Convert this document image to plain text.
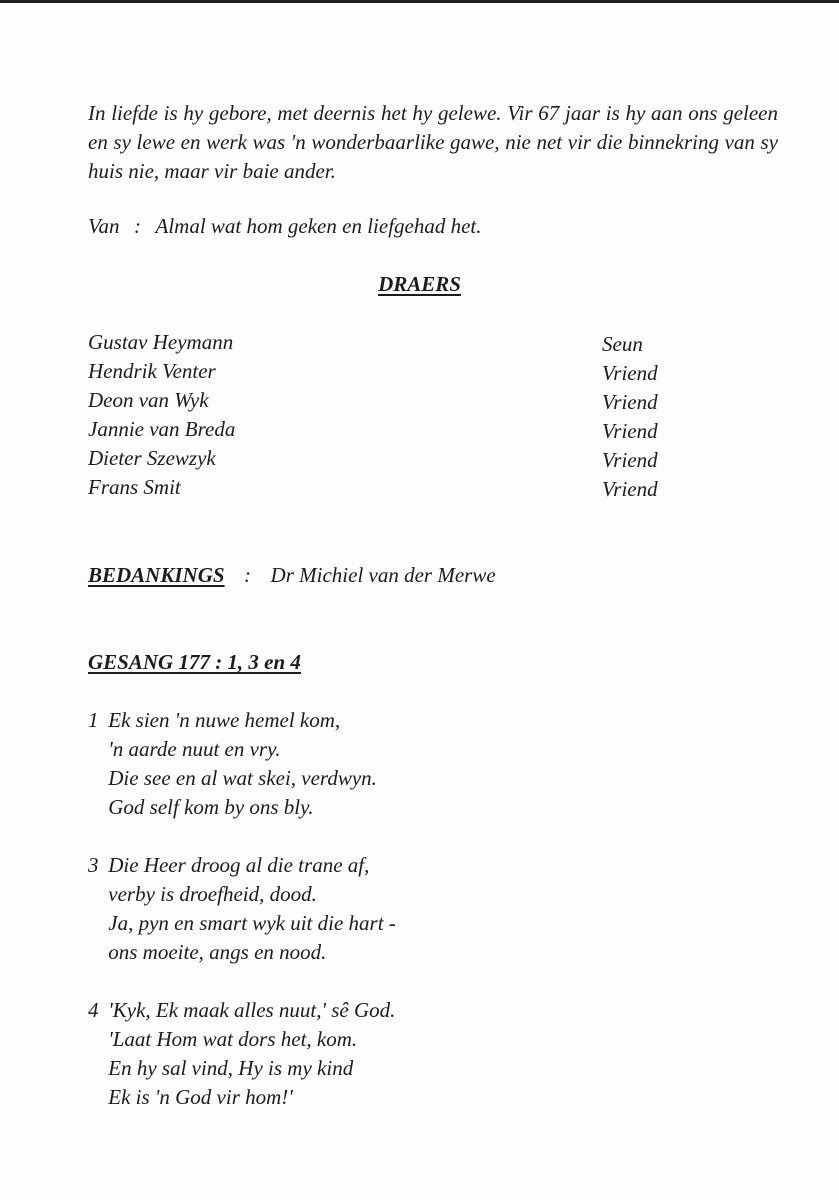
In liefde is hy gebore, met deernis het hy gelewe. Vir 67 jaar is hy aan ons geleen en sy lewe en werk was 'n wonderbaarlike gawe, nie net vir die binnekring van sy huis nie, maar vir baie ander.

Van : Almal wat hom geken en liefgehad het.

DRAERS
Gustav Heymann	Seun
Hendrik Venter	Vriend
Deon van Wyk	Vriend
Jannie van Breda	Vriend
Dieter Szewzyk	Vriend
Frans Smit	Vriend

BEDANKINGS : Dr Michiel van der Merwe

GESANG 177 : 1, 3 en 4

1 Ek sien 'n nuwe hemel kom,
'n aarde nuut en vry.
Die see en al wat skei, verdwyn.
God self kom by ons bly.
3 Die Heer droog al die trane af,
verby is droefheid, dood.
Ja, pyn en smart wyk uit die hart -
ons moeite, angs en nood.
4 'Kyk, Ek maak alles nuut,' sê God.
'Laat Hom wat dors het, kom.
En hy sal vind, Hy is my kind
Ek is 'n God vir hom!'
